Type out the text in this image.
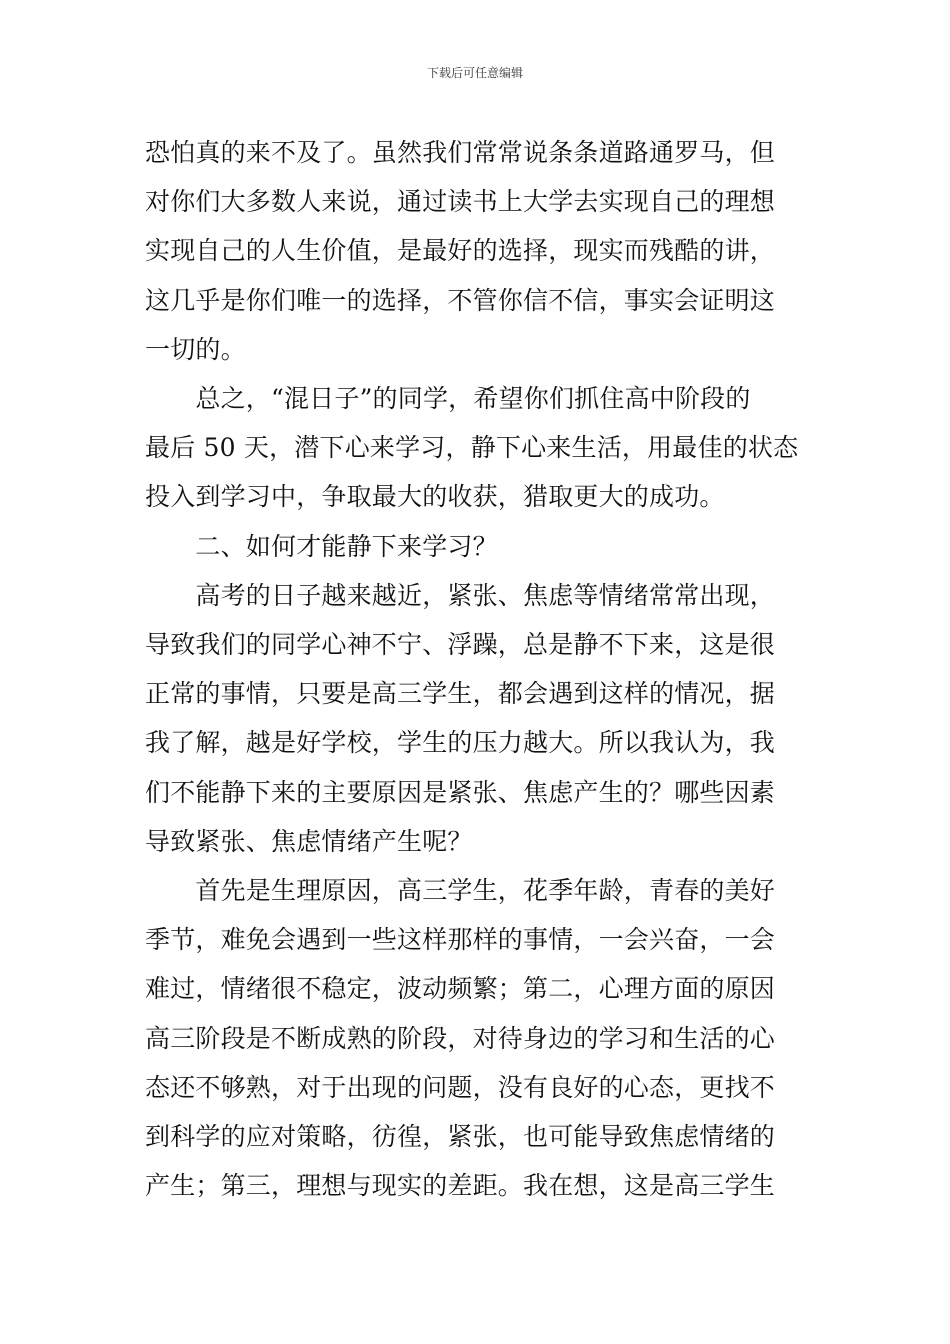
下载后可任意编辑
恐怕真的来不及了。虽然我们常常说条条道路通罗马，但
对你们大多数人来说，通过读书上大学去实现自己的理想
实现自己的人生价值，是最好的选择，现实而残酷的讲，
这几乎是你们唯一的选择，不管你信不信，事实会证明这
一切的。
　　总之，“混日子”的同学，希望你们抓住高中阶段的
最后 50 天，潜下心来学习，静下心来生活，用最佳的状态
投入到学习中，争取最大的收获，猎取更大的成功。
　　二、如何才能静下来学习？
　　高考的日子越来越近，紧张、焦虑等情绪常常出现，
导致我们的同学心神不宁、浮躁，总是静不下来，这是很
正常的事情，只要是高三学生，都会遇到这样的情况，据
我了解，越是好学校，学生的压力越大。所以我认为，我
们不能静下来的主要原因是紧张、焦虑产生的？哪些因素
导致紧张、焦虑情绪产生呢？
　　首先是生理原因，高三学生，花季年龄，青春的美好
季节，难免会遇到一些这样那样的事情，一会兴奋，一会
难过，情绪很不稳定，波动频繁；第二，心理方面的原因
高三阶段是不断成熟的阶段，对待身边的学习和生活的心
态还不够熟，对于出现的问题，没有良好的心态，更找不
到科学的应对策略，彷徨，紧张，也可能导致焦虑情绪的
产生；第三，理想与现实的差距。我在想，这是高三学生
